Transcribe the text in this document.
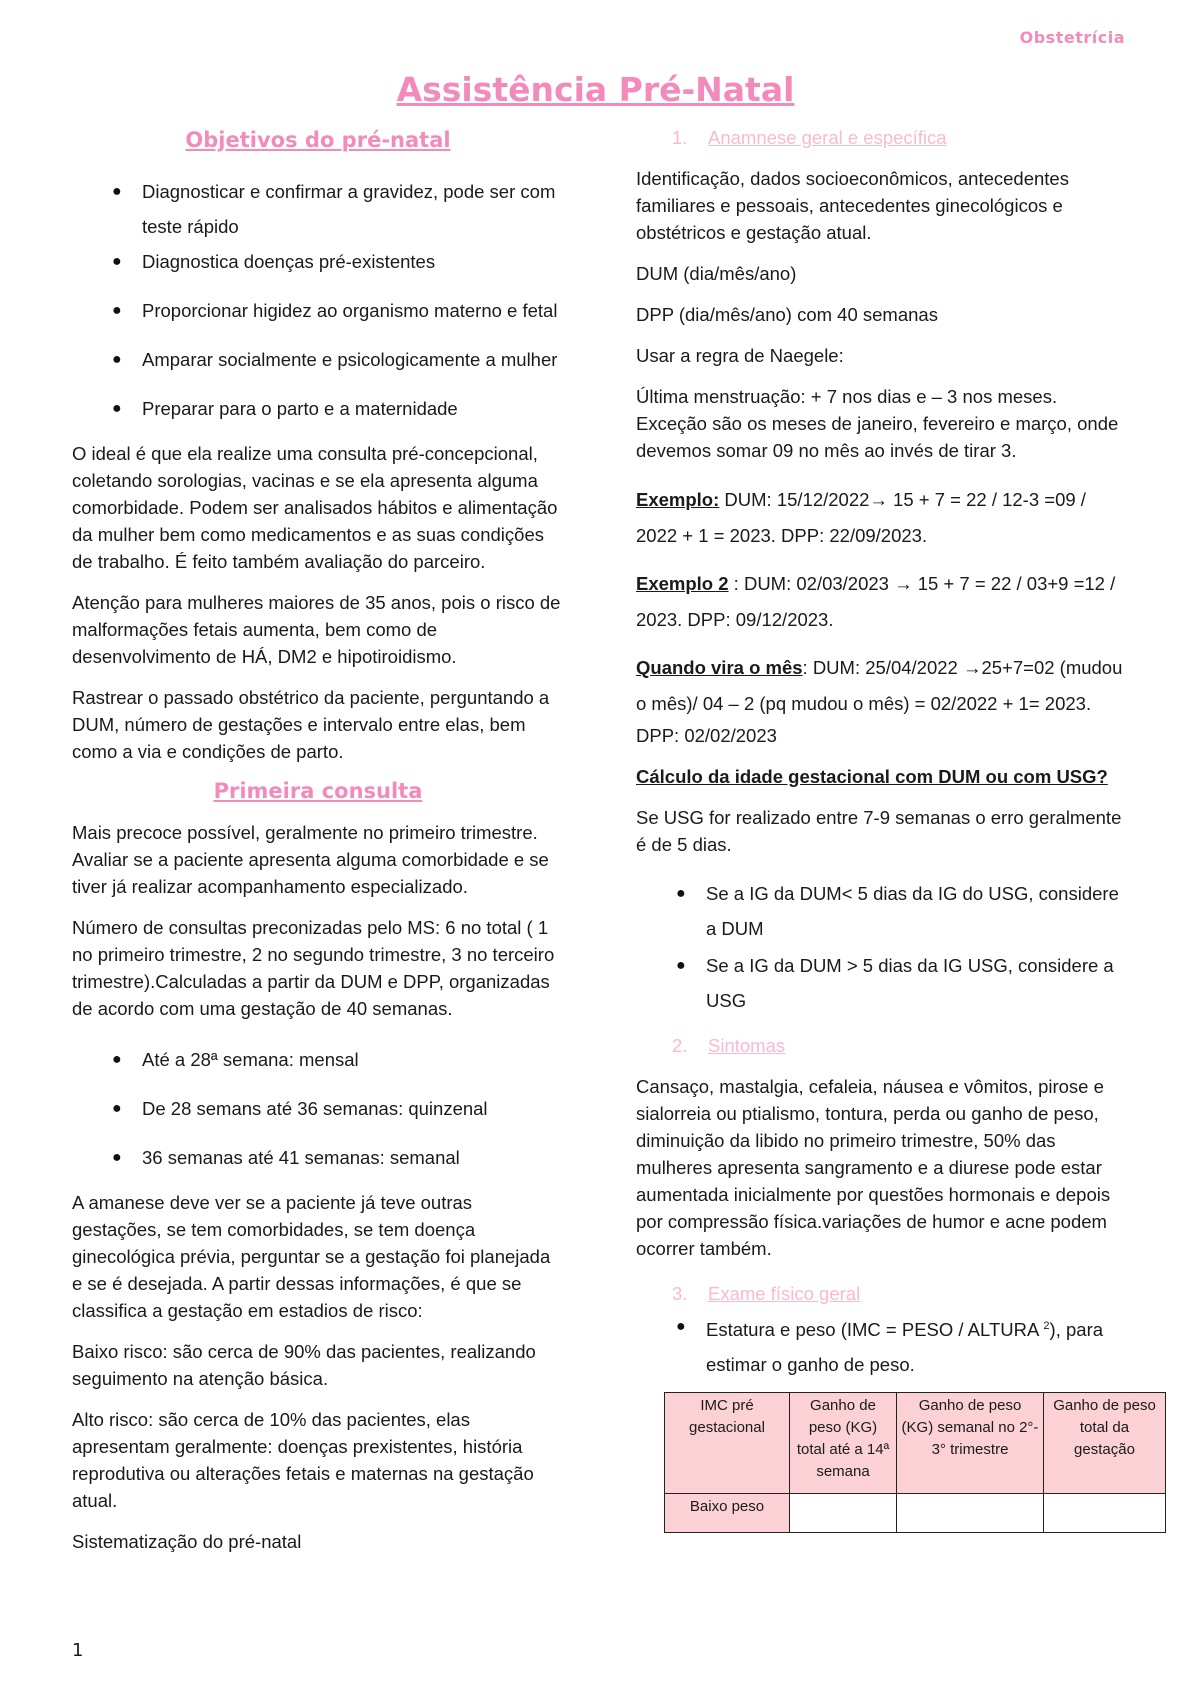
Obstetrícia
Assistência Pré-Natal
Objetivos do pré-natal
● Diagnosticar e confirmar a gravidez, pode ser com teste rápido
● Diagnostica doenças pré-existentes
● Proporcionar higidez ao organismo materno e fetal
● Amparar socialmente e psicologicamente a mulher
● Preparar para o parto e a maternidade

O ideal é que ela realize uma consulta pré-concepcional, coletando sorologias, vacinas e se ela apresenta alguma comorbidade. Podem ser analisados hábitos e alimentação da mulher bem como medicamentos e as suas condições de trabalho. É feito também avaliação do parceiro.

Atenção para mulheres maiores de 35 anos, pois o risco de malformações fetais aumenta, bem como de desenvolvimento de HÁ, DM2 e hipotiroidismo.

Rastrear o passado obstétrico da paciente, perguntando a DUM, número de gestações e intervalo entre elas, bem como a via e condições de parto.

Primeira consulta

Mais precoce possível, geralmente no primeiro trimestre. Avaliar se a paciente apresenta alguma comorbidade e se tiver já realizar acompanhamento especializado.

Número de consultas preconizadas pelo MS: 6 no total ( 1 no primeiro trimestre, 2 no segundo trimestre, 3 no terceiro trimestre).Calculadas a partir da DUM e DPP, organizadas de acordo com uma gestação de 40 semanas.

● Até a 28ª semana: mensal
● De 28 semans até 36 semanas: quinzenal
● 36 semanas até 41 semanas: semanal

A amanese deve ver se a paciente já teve outras gestações, se tem comorbidades, se tem doença ginecológica prévia, perguntar se a gestação foi planejada e se é desejada. A partir dessas informações, é que se classifica a gestação em estadios de risco:

Baixo risco: são cerca de 90% das pacientes, realizando seguimento na atenção básica.

Alto risco: são cerca de 10% das pacientes, elas apresentam geralmente: doenças prexistentes, história reprodutiva ou alterações fetais e maternas na gestação atual.

Sistematização do pré-natal

1. Anamnese geral e específica

Identificação, dados socioeconômicos, antecedentes familiares e pessoais, antecedentes ginecológicos e obstétricos e gestação atual.

DUM (dia/mês/ano)

DPP (dia/mês/ano) com 40 semanas

Usar a regra de Naegele:

Última menstruação: + 7 nos dias e – 3 nos meses. Exceção são os meses de janeiro, fevereiro e março, onde devemos somar 09 no mês ao invés de tirar 3.

Exemplo: DUM: 15/12/2022→ 15 + 7 = 22 / 12-3 =09 / 2022 + 1 = 2023. DPP: 22/09/2023.
Exemplo 2 : DUM: 02/03/2023 → 15 + 7 = 22 / 03+9 =12 / 2023. DPP: 09/12/2023.
Quando vira o mês: DUM: 25/04/2022 →25+7=02 (mudou o mês)/ 04 – 2 (pq mudou o mês) = 02/2022 + 1= 2023.

DPP: 02/02/2023

Cálculo da idade gestacional com DUM ou com USG?

Se USG for realizado entre 7-9 semanas o erro geralmente é de 5 dias.

● Se a IG da DUM< 5 dias da IG do USG, considere a DUM
● Se a IG da DUM > 5 dias da IG USG, considere a USG
2. Sintomas

Cansaço, mastalgia, cefaleia, náusea e vômitos, pirose e sialorreia ou ptialismo, tontura, perda ou ganho de peso, diminuição da libido no primeiro trimestre, 50% das mulheres apresenta sangramento e a diurese pode estar aumentada inicialmente por questões hormonais e depois por compressão física.variações de humor e acne podem ocorrer também.

3. Exame físico geral
● Estatura e peso (IMC = PESO / ALTURA $^2$), para estimar o ganho de peso.
IMC pré gestacional	Ganho de peso (KG) total até a 14ª semana	Ganho de peso (KG) semanal no 2°- 3° trimestre	Ganho de peso total da gestação
Baixo peso			
1
